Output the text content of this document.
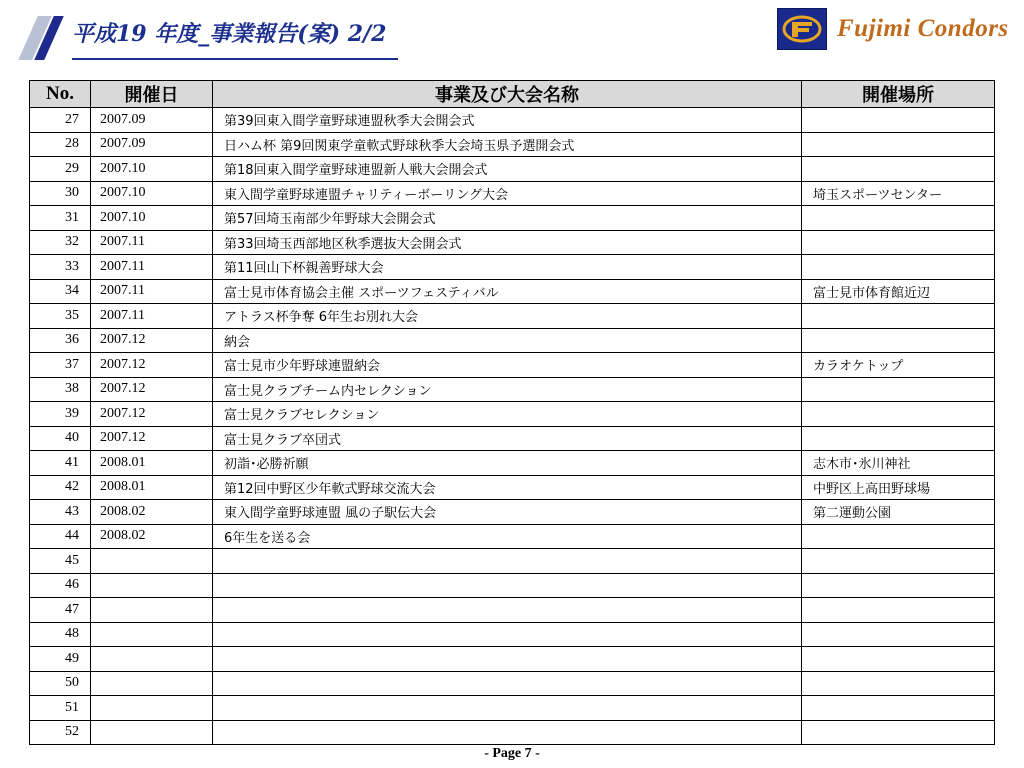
平成19 年度_事業報告(案) 2/2	Fujimi Condors
No.	開催日	事業及び大会名称	開催場所
27	2007.09	第39回東入間学童野球連盟秋季大会開会式	
28	2007.09	日ハム杯 第9回関東学童軟式野球秋季大会埼玉県予選開会式	
29	2007.10	第18回東入間学童野球連盟新人戦大会開会式	
30	2007.10	東入間学童野球連盟チャリティーボーリング大会	埼玉スポーツセンター
31	2007.10	第57回埼玉南部少年野球大会開会式	
32	2007.11	第33回埼玉西部地区秋季選抜大会開会式	
33	2007.11	第11回山下杯親善野球大会	
34	2007.11	富士見市体育協会主催 スポーツフェスティバル	富士見市体育館近辺
35	2007.11	アトラス杯争奪 6年生お別れ大会	
36	2007.12	納会	
37	2007.12	富士見市少年野球連盟納会	カラオケトップ
38	2007.12	富士見クラブチーム内セレクション	
39	2007.12	富士見クラブセレクション	
40	2007.12	富士見クラブ卒団式	
41	2008.01	初詣･必勝祈願	志木市･氷川神社
42	2008.01	第12回中野区少年軟式野球交流大会	中野区上高田野球場
43	2008.02	東入間学童野球連盟 風の子駅伝大会	第二運動公園
44	2008.02	6年生を送る会	
45			
46			
47			
48			
49			
50			
51			
52			
- Page 7 -
